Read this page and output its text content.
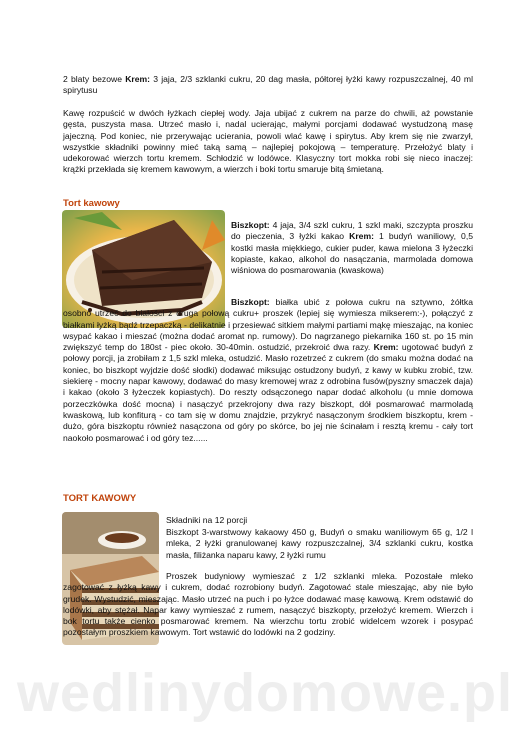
2 blaty bezowe Krem: 3 jaja, 2/3 szklanki cukru, 20 dag masła, półtorej łyżki kawy rozpuszczalnej, 40 ml spirytusu

Kawę rozpuścić w dwóch łyżkach ciepłej wody. Jaja ubijać z cukrem na parze do chwili, aż powstanie gęsta, puszysta masa. Utrzeć masło i, nadal ucierając, małymi porcjami dodawać wystudzoną masę jajeczną. Pod koniec, nie przerywając ucierania, powoli wlać kawę i spirytus. Aby krem się nie zwarzył, wszystkie składniki powinny mieć taką samą – najlepiej pokojową – temperaturę. Przełożyć blaty i udekorować wierzch tortu kremem. Schłodzić w lodówce. Klasyczny tort mokka robi się nieco inaczej: krążki przekłada się kremem kawowym, a wierzch i boki tortu smaruje bitą śmietaną.

Tort kawowy

Biszkopt: 4 jaja, 3/4 szkl cukru, 1 szkl maki, szczypta proszku do pieczenia, 3 łyżki kakao Krem: 1 budyń waniliowy, 0,5 kostki masła miękkiego, cukier puder, kawa mielona 3 łyżeczki kopiaste, kakao, alkohol do nasączania, marmolada domowa wiśniowa do posmarowania (kwaskowa)

Biszkopt: białka ubić z połowa cukru na sztywno, żółtka osobno utrzeć do białości z druga połową cukru+ proszek (lepiej się wymiesza mikserem:-), połączyć z białkami łyżką bądź trzepaczką - delikatnie i przesiewać sitkiem małymi partiami mąkę mieszając, na koniec wsypać kakao i mieszać (można dodać aromat np. rumowy). Do nagrzanego piekarnika 160 st. po 15 min zwiększyć temp do 180st - piec około. 30-40min. ostudzić, przekroić dwa razy. Krem: ugotować budyń z połowy porcji, ja zrobiłam z 1,5 szkl mleka, ostudzić. Masło rozetrzeć z cukrem (do smaku można dodać na koniec, bo biszkopt wyjdzie dość słodki) dodawać miksując ostudzony budyń, z kawy w kubku zrobić, tzw. siekierę - mocny napar kawowy, dodawać do masy kremowej wraz z odrobina fusów(pyszny smaczek daja) i kakao (około 3 łyżeczek kopiastych). Do reszty odsączonego napar dodać alkoholu (u mnie domowa porzeczkówka dość mocna) i nasączyć przekrojony dwa razy biszkopt, dół posmarować marmoladą kwaskową, lub konfiturą - co tam się w domu znajdzie, przykryć nasączonym środkiem biszkoptu, krem -dużo, góra biszkoptu również nasączona od góry po skórce, bo jej nie ścinałam i resztą kremu - cały tort naokoło posmarować i od góry tez......

TORT KAWOWY

Składniki na 12 porcji

Biszkopt 3-warstwowy kakaowy 450 g, Budyń o smaku waniliowym 65 g, 1/2 l mleka, 2 łyżki granulowanej kawy rozpuszczalnej, 3/4 szklanki cukru, kostka masła, filiżanka naparu kawy, 2 łyżki rumu

Proszek budyniowy wymieszać z 1/2 szklanki mleka. Pozostałe mleko zagotować z łyżką kawy i cukrem, dodać rozrobiony budyń. Zagotować stale mieszając, aby nie było grudek. Wystudzić, mieszając. Masło utrzeć na puch i po łyżce dodawać masę kawową. Krem odstawić do lodówki, aby stężał. Napar kawy wymieszać z rumem, nasączyć biszkopty, przełożyć kremem. Wierzch i bok tortu także cienko posmarować kremem. Na wierzchu tortu zrobić widelcem wzorek i posypać pozostałym proszkiem kawowym. Tort wstawić do lodówki na 2 godziny.

wedlinydomowe.pl
